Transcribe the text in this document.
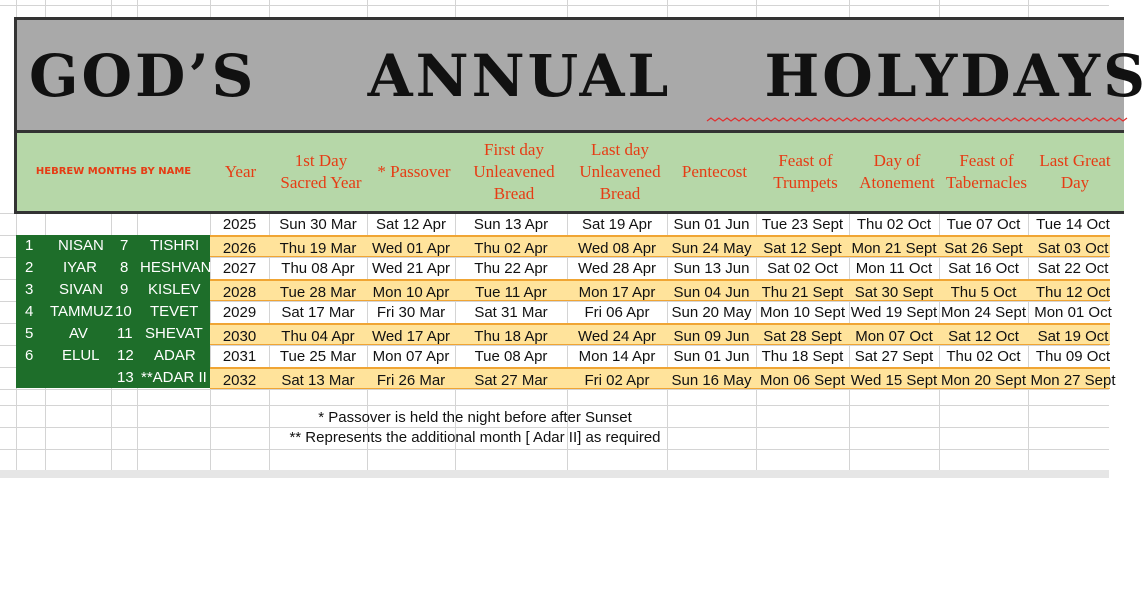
GOD’S ANNUAL HOLYDAYS
HEBREW MONTHS BY NAME Year
1st Day Sacred Year
* Passover
First day Unleavened Bread
Last day Unleavened Bread
Pentecost
Feast of Trumpets
Day of Atonement
Feast of Tabernacles
Last Great Day
1 NISAN 7 TISHRI
2 IYAR 8 HESHVAN
3 SIVAN 9 KISLEV
4 TAMMUZ 10 TEVET
5 AV 11 SHEVAT
6 ELUL 12 ADAR
13 **ADAR II
2025	Sun 30 Mar	Sat 12 Apr	Sun 13 Apr	Sat 19 Apr	Sun 01 Jun Tue 23 Sept Thu 02 Oct	Tue 07 Oct	Tue 14 Oct
2026	Thu 19 Mar	Wed 01 Apr	Thu 02 Apr	Wed 08 Apr	Sun 24 May Sat 12 Sept Mon 21 Sept Sat 26 Sept Sat 03 Oct
2027	Thu 08 Apr	Wed 21 Apr	Thu 22 Apr	Wed 28 Apr	Sun 13 Jun	Sat 02 Oct	Mon 11 Oct	Sat 16 Oct	Sat 22 Oct
2028	Tue 28 Mar	Mon 10 Apr	Tue 11 Apr	Mon 17 Apr	Sun 04 Jun Thu 21 Sept Sat 30 Sept	Thu 5 Oct	Thu 12 Oct
2029	Sat 17 Mar	Fri 30 Mar	Sat 31 Mar	Fri 06 Apr	Sun 20 May Mon 10 Sept Wed 19 Sept Mon 24 Sept Mon 01 Oct
2030	Thu 04 Apr	Wed 17 Apr	Thu 18 Apr	Wed 24 Apr	Sun 09 Jun Sat 28 Sept Mon 07 Oct	Sat 12 Oct	Sat 19 Oct
2031	Tue 25 Mar	Mon 07 Apr	Tue 08 Apr	Mon 14 Apr	Sun 01 Jun Thu 18 Sept Sat 27 Sept Thu 02 Oct	Thu 09 Oct
2032	Sat 13 Mar	Fri 26 Mar	Sat 27 Mar	Fri 02 Apr	Sun 16 May Mon 06 Sept Wed 15 Sept Mon 20 Sept Mon 27 Sept
* Passover is held the night before after Sunset
** Represents the additional month [ Adar II] as required
